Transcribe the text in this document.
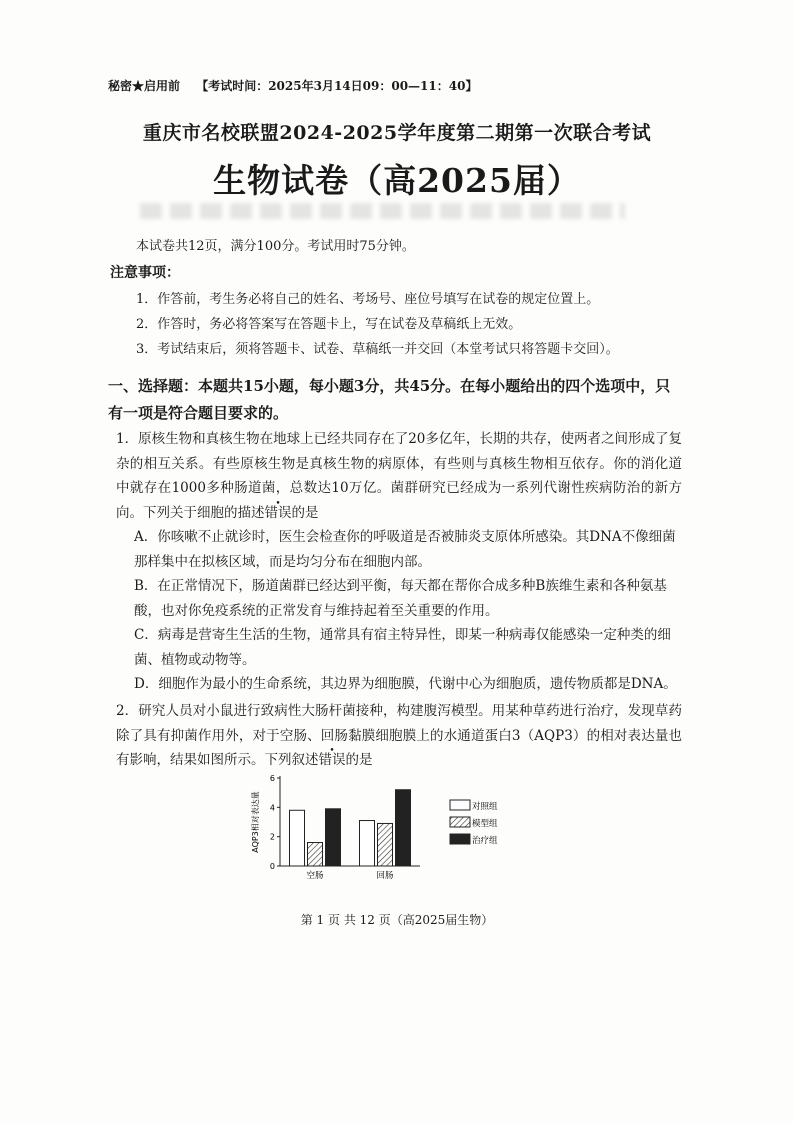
秘密★启用前 【考试时间：2025年3月14日09：00—11：40】
重庆市名校联盟2024-2025学年度第二期第一次联合考试
生物试卷（高2025届）
本试卷共12页，满分100分。考试用时75分钟。
注意事项：
1．作答前，考生务必将自己的姓名、考场号、座位号填写在试卷的规定位置上。
2．作答时，务必将答案写在答题卡上，写在试卷及草稿纸上无效。
3．考试结束后，须将答题卡、试卷、草稿纸一并交回（本堂考试只将答题卡交回）。
一、选择题：本题共15小题，每小题3分，共45分。在每小题给出的四个选项中，只有一项是符合题目要求的。
1．原核生物和真核生物在地球上已经共同存在了20多亿年，长期的共存，使两者之间形成了复杂的相互关系。有些原核生物是真核生物的病原体，有些则与真核生物相互依存。你的消化道中就存在1000多种肠道菌，总数达10万亿。菌群研究已经成为一系列代谢性疾病防治的新方向。下列关于细胞的描述错误的是
A．你咳嗽不止就诊时，医生会检查你的呼吸道是否被肺炎支原体所感染。其DNA不像细菌那样集中在拟核区域，而是均匀分布在细胞内部。
B．在正常情况下，肠道菌群已经达到平衡，每天都在帮你合成多种B族维生素和各种氨基酸，也对你免疫系统的正常发育与维持起着至关重要的作用。
C．病毒是营寄生生活的生物，通常具有宿主特异性，即某一种病毒仅能感染一定种类的细菌、植物或动物等。
D．细胞作为最小的生命系统，其边界为细胞膜，代谢中心为细胞质，遗传物质都是DNA。
2．研究人员对小鼠进行致病性大肠杆菌接种，构建腹泻模型。用某种草药进行治疗，发现草药除了具有抑菌作用外，对于空肠、回肠黏膜细胞膜上的水通道蛋白3（AQP3）的相对表达量也有影响，结果如图所示。下列叙述错误的是
AQP3相对表达量
0
2
4
6
空肠	回肠
对照组
模型组
治疗组
第 1 页 共 12 页（高2025届生物）
